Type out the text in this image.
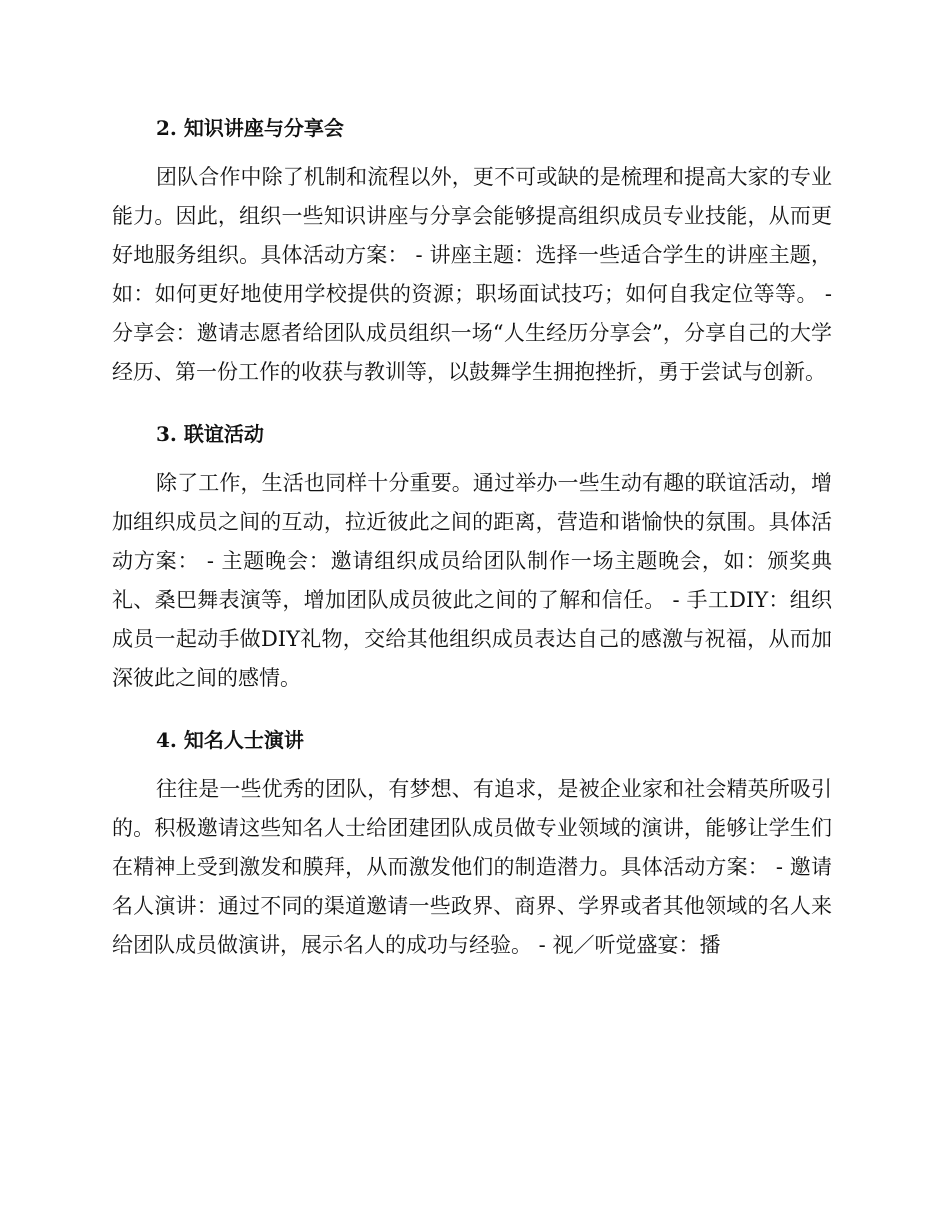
2. 知识讲座与分享会

团队合作中除了机制和流程以外，更不可或缺的是梳理和提高大家的专业能力。因此，组织一些知识讲座与分享会能够提高组织成员专业技能，从而更好地服务组织。具体活动方案： - 讲座主题：选择一些适合学生的讲座主题，如：如何更好地使用学校提供的资源；职场面试技巧；如何自我定位等等。 - 分享会：邀请志愿者给团队成员组织一场“人生经历分享会”，分享自己的大学经历、第一份工作的收获与教训等，以鼓舞学生拥抱挫折，勇于尝试与创新。

3. 联谊活动

除了工作，生活也同样十分重要。通过举办一些生动有趣的联谊活动，增加组织成员之间的互动，拉近彼此之间的距离，营造和谐愉快的氛围。具体活动方案： - 主题晚会：邀请组织成员给团队制作一场主题晚会，如：颁奖典礼、桑巴舞表演等，增加团队成员彼此之间的了解和信任。 - 手工DIY：组织成员一起动手做DIY礼物，交给其他组织成员表达自己的感激与祝福，从而加深彼此之间的感情。

4. 知名人士演讲

往往是一些优秀的团队，有梦想、有追求，是被企业家和社会精英所吸引的。积极邀请这些知名人士给团建团队成员做专业领域的演讲，能够让学生们在精神上受到激发和膜拜，从而激发他们的制造潜力。具体活动方案： - 邀请名人演讲：通过不同的渠道邀请一些政界、商界、学界或者其他领域的名人来给团队成员做演讲，展示名人的成功与经验。 - 视／听觉盛宴：播
